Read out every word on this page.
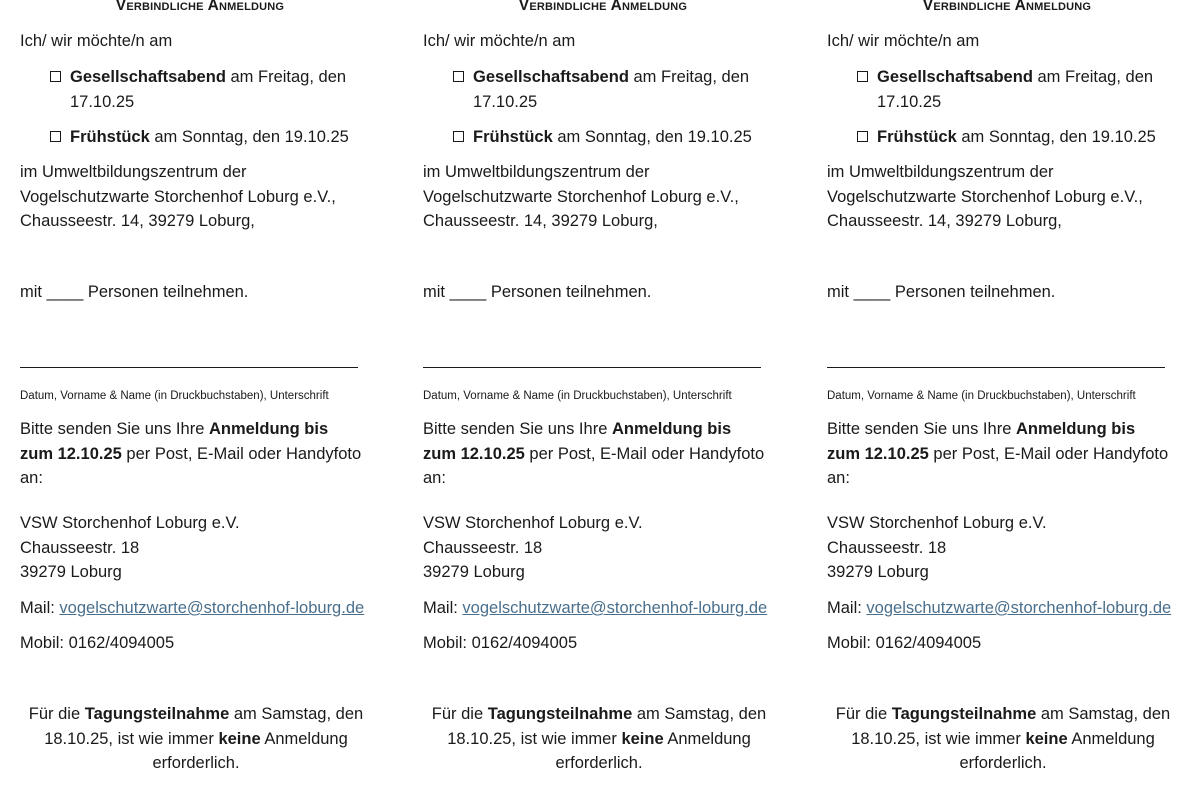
Verbindliche Anmeldung
Ich/ wir möchte/n am
Gesellschaftsabend am Freitag, den 17.10.25
Frühstück am Sonntag, den 19.10.25
im Umweltbildungszentrum der
Vogelschutzwarte Storchenhof Loburg e.V.,
Chausseestr. 14, 39279 Loburg,
mit ____ Personen teilnehmen.
Datum, Vorname & Name (in Druckbuchstaben), Unterschrift
Bitte senden Sie uns Ihre Anmeldung bis zum 12.10.25 per Post, E-Mail oder Handyfoto an:
VSW Storchenhof Loburg e.V.
Chausseestr. 18
39279 Loburg
Mail: vogelschutzwarte@storchenhof-loburg.de
Mobil: 0162/4094005
Für die Tagungsteilnahme am Samstag, den 18.10.25, ist wie immer keine Anmeldung erforderlich.
Verbindliche Anmeldung
Ich/ wir möchte/n am
Gesellschaftsabend am Freitag, den 17.10.25
Frühstück am Sonntag, den 19.10.25
im Umweltbildungszentrum der
Vogelschutzwarte Storchenhof Loburg e.V.,
Chausseestr. 14, 39279 Loburg,
mit ____ Personen teilnehmen.
Datum, Vorname & Name (in Druckbuchstaben), Unterschrift
Bitte senden Sie uns Ihre Anmeldung bis zum 12.10.25 per Post, E-Mail oder Handyfoto an:
VSW Storchenhof Loburg e.V.
Chausseestr. 18
39279 Loburg
Mail: vogelschutzwarte@storchenhof-loburg.de
Mobil: 0162/4094005
Für die Tagungsteilnahme am Samstag, den 18.10.25, ist wie immer keine Anmeldung erforderlich.
Verbindliche Anmeldung
Ich/ wir möchte/n am
Gesellschaftsabend am Freitag, den 17.10.25
Frühstück am Sonntag, den 19.10.25
im Umweltbildungszentrum der
Vogelschutzwarte Storchenhof Loburg e.V.,
Chausseestr. 14, 39279 Loburg,
mit ____ Personen teilnehmen.
Datum, Vorname & Name (in Druckbuchstaben), Unterschrift
Bitte senden Sie uns Ihre Anmeldung bis zum 12.10.25 per Post, E-Mail oder Handyfoto an:
VSW Storchenhof Loburg e.V.
Chausseestr. 18
39279 Loburg
Mail: vogelschutzwarte@storchenhof-loburg.de
Mobil: 0162/4094005
Für die Tagungsteilnahme am Samstag, den 18.10.25, ist wie immer keine Anmeldung erforderlich.
